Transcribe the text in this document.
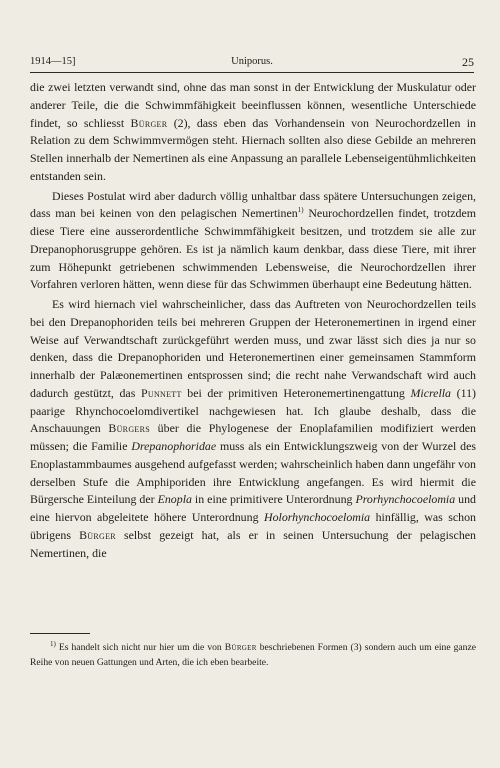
1914—15]	Uniporus.	25

die zwei letzten verwandt sind, ohne das man sonst in der Entwicklung der Muskulatur oder anderer Teile, die die Schwimmfähigkeit beeinflussen können, wesentliche Unterschiede findet, so schliesst Bürger (2), dass eben das Vorhandensein von Neurochordzellen in Relation zu dem Schwimmvermögen steht. Hiernach sollten also diese Gebilde an mehreren Stellen innerhalb der Nemertinen als eine Anpassung an parallele Lebenseigentühmlichkeiten entstanden sein.

Dieses Postulat wird aber dadurch völlig unhaltbar dass spätere Untersuchungen zeigen, dass man bei keinen von den pelagischen Nemertinen$^{1)}$ Neurochordzellen findet, trotzdem diese Tiere eine ausserordentliche Schwimmfähigkeit besitzen, und trotzdem sie alle zur Drepanophorusgruppe gehören. Es ist ja nämlich kaum denkbar, dass diese Tiere, mit ihrer zum Höhepunkt getriebenen schwimmenden Lebensweise, die Neurochordzellen ihrer Vorfahren verloren hätten, wenn diese für das Schwimmen überhaupt eine Bedeutung hätten.

Es wird hiernach viel wahrscheinlicher, dass das Auftreten von Neurochordzellen teils bei den Drepanophoriden teils bei mehreren Gruppen der Heteronemertinen in irgend einer Weise auf Verwandtschaft zurückgeführt werden muss, und zwar lässt sich dies ja nur so denken, dass die Drepanophoriden und Heteronemertinen einer gemeinsamen Stammform innerhalb der Palæonemertinen entsprossen sind; die recht nahe Verwandschaft wird auch dadurch gestützt, das Punnett bei der primitiven Heteronemertinengattung Micrella (11) paarige Rhynchocoelomdivertikel nachgewiesen hat. Ich glaube deshalb, dass die Anschauungen Bürgers über die Phylogenese der Enoplafamilien modifiziert werden müssen; die Familie Drepanophoridae muss als ein Entwicklungszweig von der Wurzel des Enoplastammbaumes ausgehend aufgefasst werden; wahrscheinlich haben dann ungefähr von derselben Stufe die Amphiporiden ihre Entwicklung angefangen. Es wird hiermit die Bürgersche Einteilung der Enopla in eine primitivere Unterordnung Prorhynchocoelomia und eine hiervon abgeleitete höhere Unterordnung Holorhynchocoelomia hinfällig, was schon übrigens Bürger selbst gezeigt hat, als er in seinen Untersuchung der pelagischen Nemertinen, die

$^{1)}$ Es handelt sich nicht nur hier um die von Bürger beschriebenen Formen (3) sondern auch um eine ganze Reihe von neuen Gattungen und Arten, die ich eben bearbeite.
